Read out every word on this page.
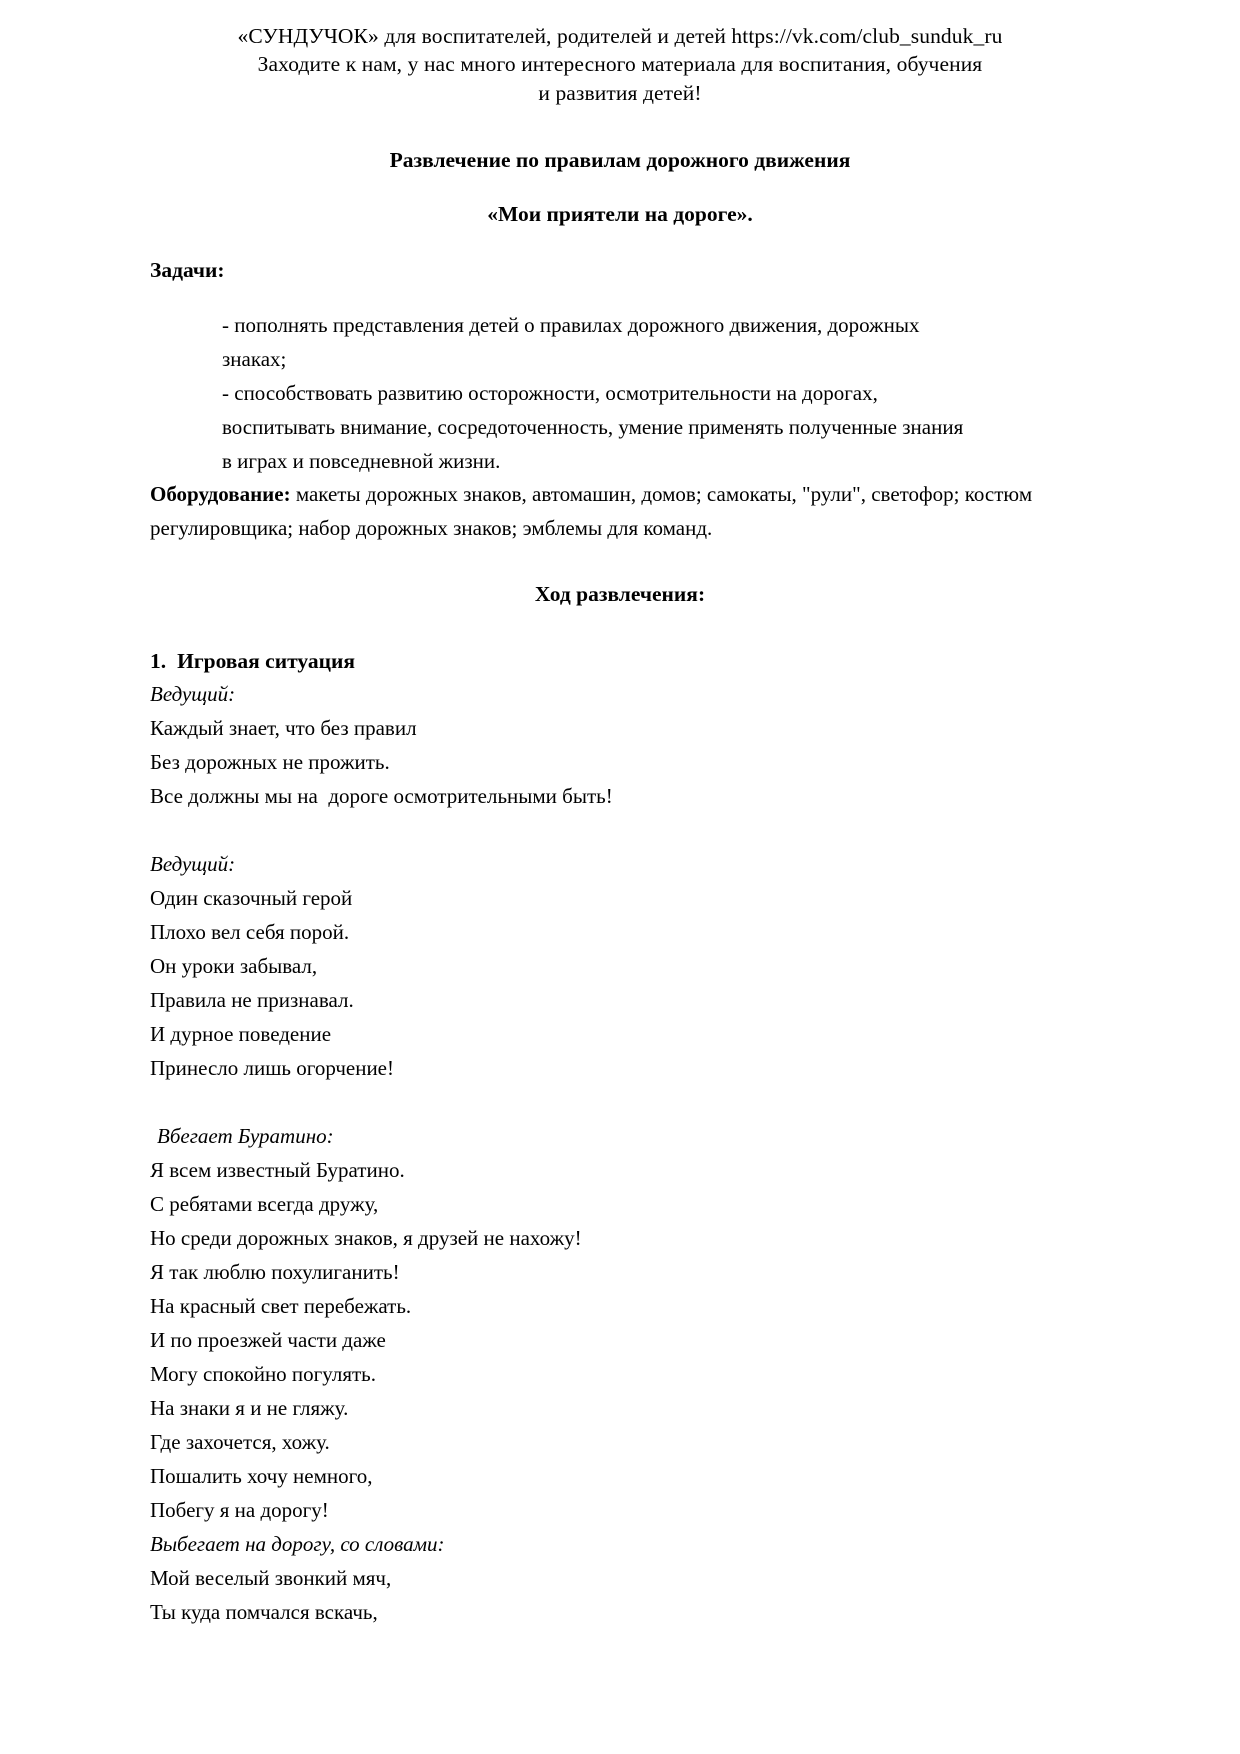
«СУНДУЧОК» для воспитателей, родителей и детей https://vk.com/club_sunduk_ru
Заходите к нам, у нас много интересного материала для воспитания, обучения
и развития детей!
Развлечение по правилам дорожного движения
«Мои приятели на дороге».
Задачи:
- пополнять представления детей о правилах дорожного движения, дорожных
знаках;
- способствовать развитию осторожности, осмотрительности на дорогах,
воспитывать внимание, сосредоточенность, умение применять полученные знания
в играх и повседневной жизни.
Оборудование: макеты дорожных знаков, автомашин, домов; самокаты, "рули", светофор; костюм регулировщика; набор дорожных знаков; эмблемы для команд.
Ход развлечения:
1. Игровая ситуация
Ведущий:
Каждый знает, что без правил
Без дорожных не прожить.
Все должны мы на  дороге осмотрительными быть!
Ведущий:
Один сказочный герой
Плохо вел себя порой.
Он уроки забывал,
Правила не признавал.
И дурное поведение
Принесло лишь огорчение!
Вбегает Буратино:
Я всем известный Буратино.
С ребятами всегда дружу,
Но среди дорожных знаков, я друзей не нахожу!
Я так люблю похулиганить!
На красный свет перебежать.
И по проезжей части даже
Могу спокойно погулять.
На знаки я и не гляжу.
Где захочется, хожу.
Пошалить хочу немного,
Побегу я на дорогу!
Выбегает на дорогу, со словами:
Мой веселый звонкий мяч,
Ты куда помчался вскачь,
